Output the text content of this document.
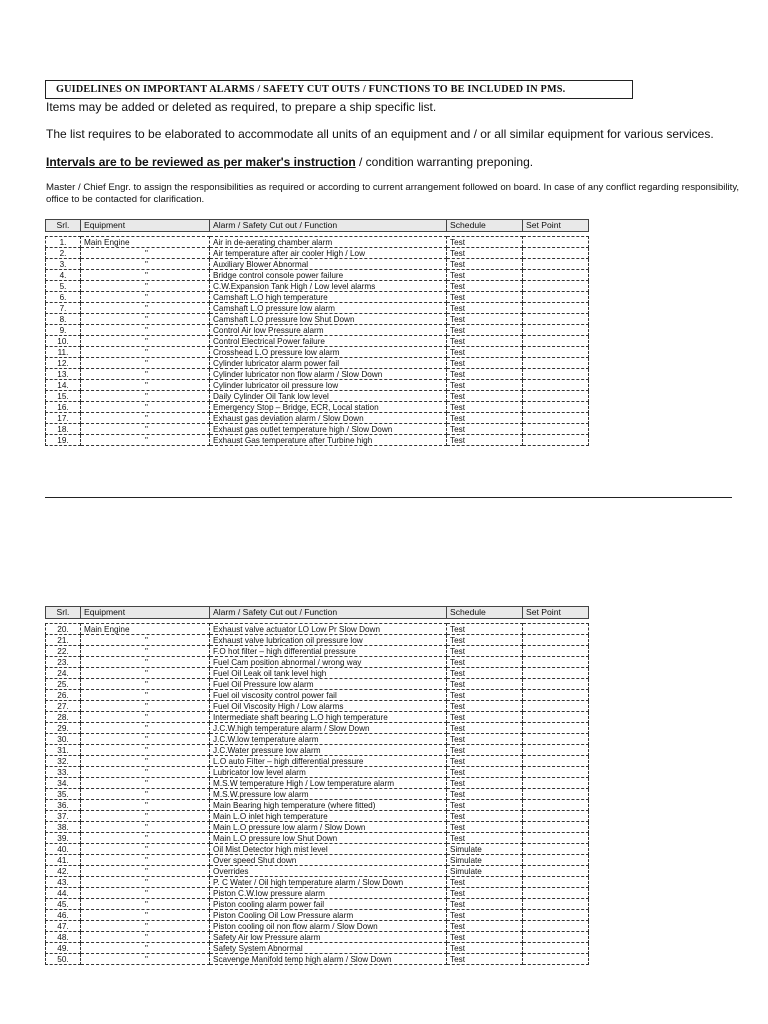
GUIDELINES ON IMPORTANT ALARMS / SAFETY CUT OUTS / FUNCTIONS TO BE INCLUDED IN PMS.
Items may be added or deleted as required, to prepare a ship specific list.
The list requires to be elaborated to accommodate all units of an equipment and / or all similar equipment for various services.
Intervals are to be reviewed as per maker's instruction / condition warranting preponing.
Master / Chief Engr. to assign the responsibilities as required or according to current arrangement followed on board. In case of any conflict regarding responsibility, office to be contacted for clarification.
Srl.	Equipment	Alarm / Safety Cut out / Function	Schedule	Set Point

1.	Main Engine	Air in de-aerating chamber alarm	Test	
2.	"	Air temperature after air cooler High / Low	Test	
3.	"	Auxiliary Blower Abnormal	Test	
4.	"	Bridge control console power failure	Test	
5.	"	C.W.Expansion Tank High / Low level alarms	Test	
6.	"	Camshaft L.O high temperature	Test	
7.	"	Camshaft L.O pressure low alarm	Test	
8.	"	Camshaft L.O pressure low Shut Down	Test	
9.	"	Control Air low Pressure alarm	Test	
10.	"	Control Electrical Power failure	Test	
11.	"	Crosshead L.O pressure low alarm	Test	
12.	"	Cylinder lubricator alarm power fail	Test	
13.	"	Cylinder lubricator non flow alarm / Slow Down	Test	
14.	"	Cylinder lubricator oil pressure low	Test	
15.	"	Daily Cylinder Oil Tank low level	Test	
16.	"	Emergency Stop – Bridge, ECR, Local station	Test	
17.	"	Exhaust gas deviation alarm / Slow Down	Test	
18.	"	Exhaust gas outlet temperature high / Slow Down	Test	
19.	"	Exhaust Gas temperature after Turbine high	Test	
Srl.	Equipment	Alarm / Safety Cut out / Function	Schedule	Set Point

20.	Main Engine	Exhaust valve actuator LO Low Pr Slow Down	Test	
21.	"	Exhaust valve lubrication oil pressure low	Test	
22.	"	F.O hot filter – high differential pressure	Test	
23.	"	Fuel Cam position abnormal / wrong way	Test	
24.	"	Fuel Oil Leak oil tank level high	Test	
25.	"	Fuel Oil Pressure low alarm	Test	
26.	"	Fuel oil viscosity control power fail	Test	
27.	"	Fuel Oil Viscosity High / Low alarms	Test	
28.	"	Intermediate shaft bearing L.O high temperature	Test	
29.	"	J.C.W.high temperature alarm / Slow Down	Test	
30.	"	J.C.W.low temperature alarm	Test	
31.	"	J.C.Water pressure low alarm	Test	
32.	"	L.O auto Filter – high differential pressure	Test	
33.	"	Lubricator low level alarm	Test	
34.	"	M.S.W temperature High / Low temperature alarm	Test	
35.	"	M.S.W.pressure low alarm	Test	
36.	"	Main Bearing high temperature (where fitted)	Test	
37.	"	Main L.O inlet high temperature	Test	
38.	"	Main L.O pressure low alarm / Slow Down	Test	
39.	"	Main L.O pressure low Shut Down	Test	
40.	"	Oil Mist Detector high mist level	Simulate	
41.	"	Over speed Shut down	Simulate	
42.	"	Overrides	Simulate	
43.	"	P. C Water / Oil high temperature alarm / Slow Down	Test	
44.	"	Piston C.W.low pressure alarm	Test	
45.	"	Piston cooling alarm power fail	Test	
46.	"	Piston Cooling Oil Low Pressure alarm	Test	
47.	"	Piston cooling oil non flow alarm / Slow Down	Test	
48.	"	Safety Air low Pressure alarm	Test	
49.	"	Safety System Abnormal	Test	
50.	"	Scavenge Manifold temp high alarm / Slow Down	Test	
